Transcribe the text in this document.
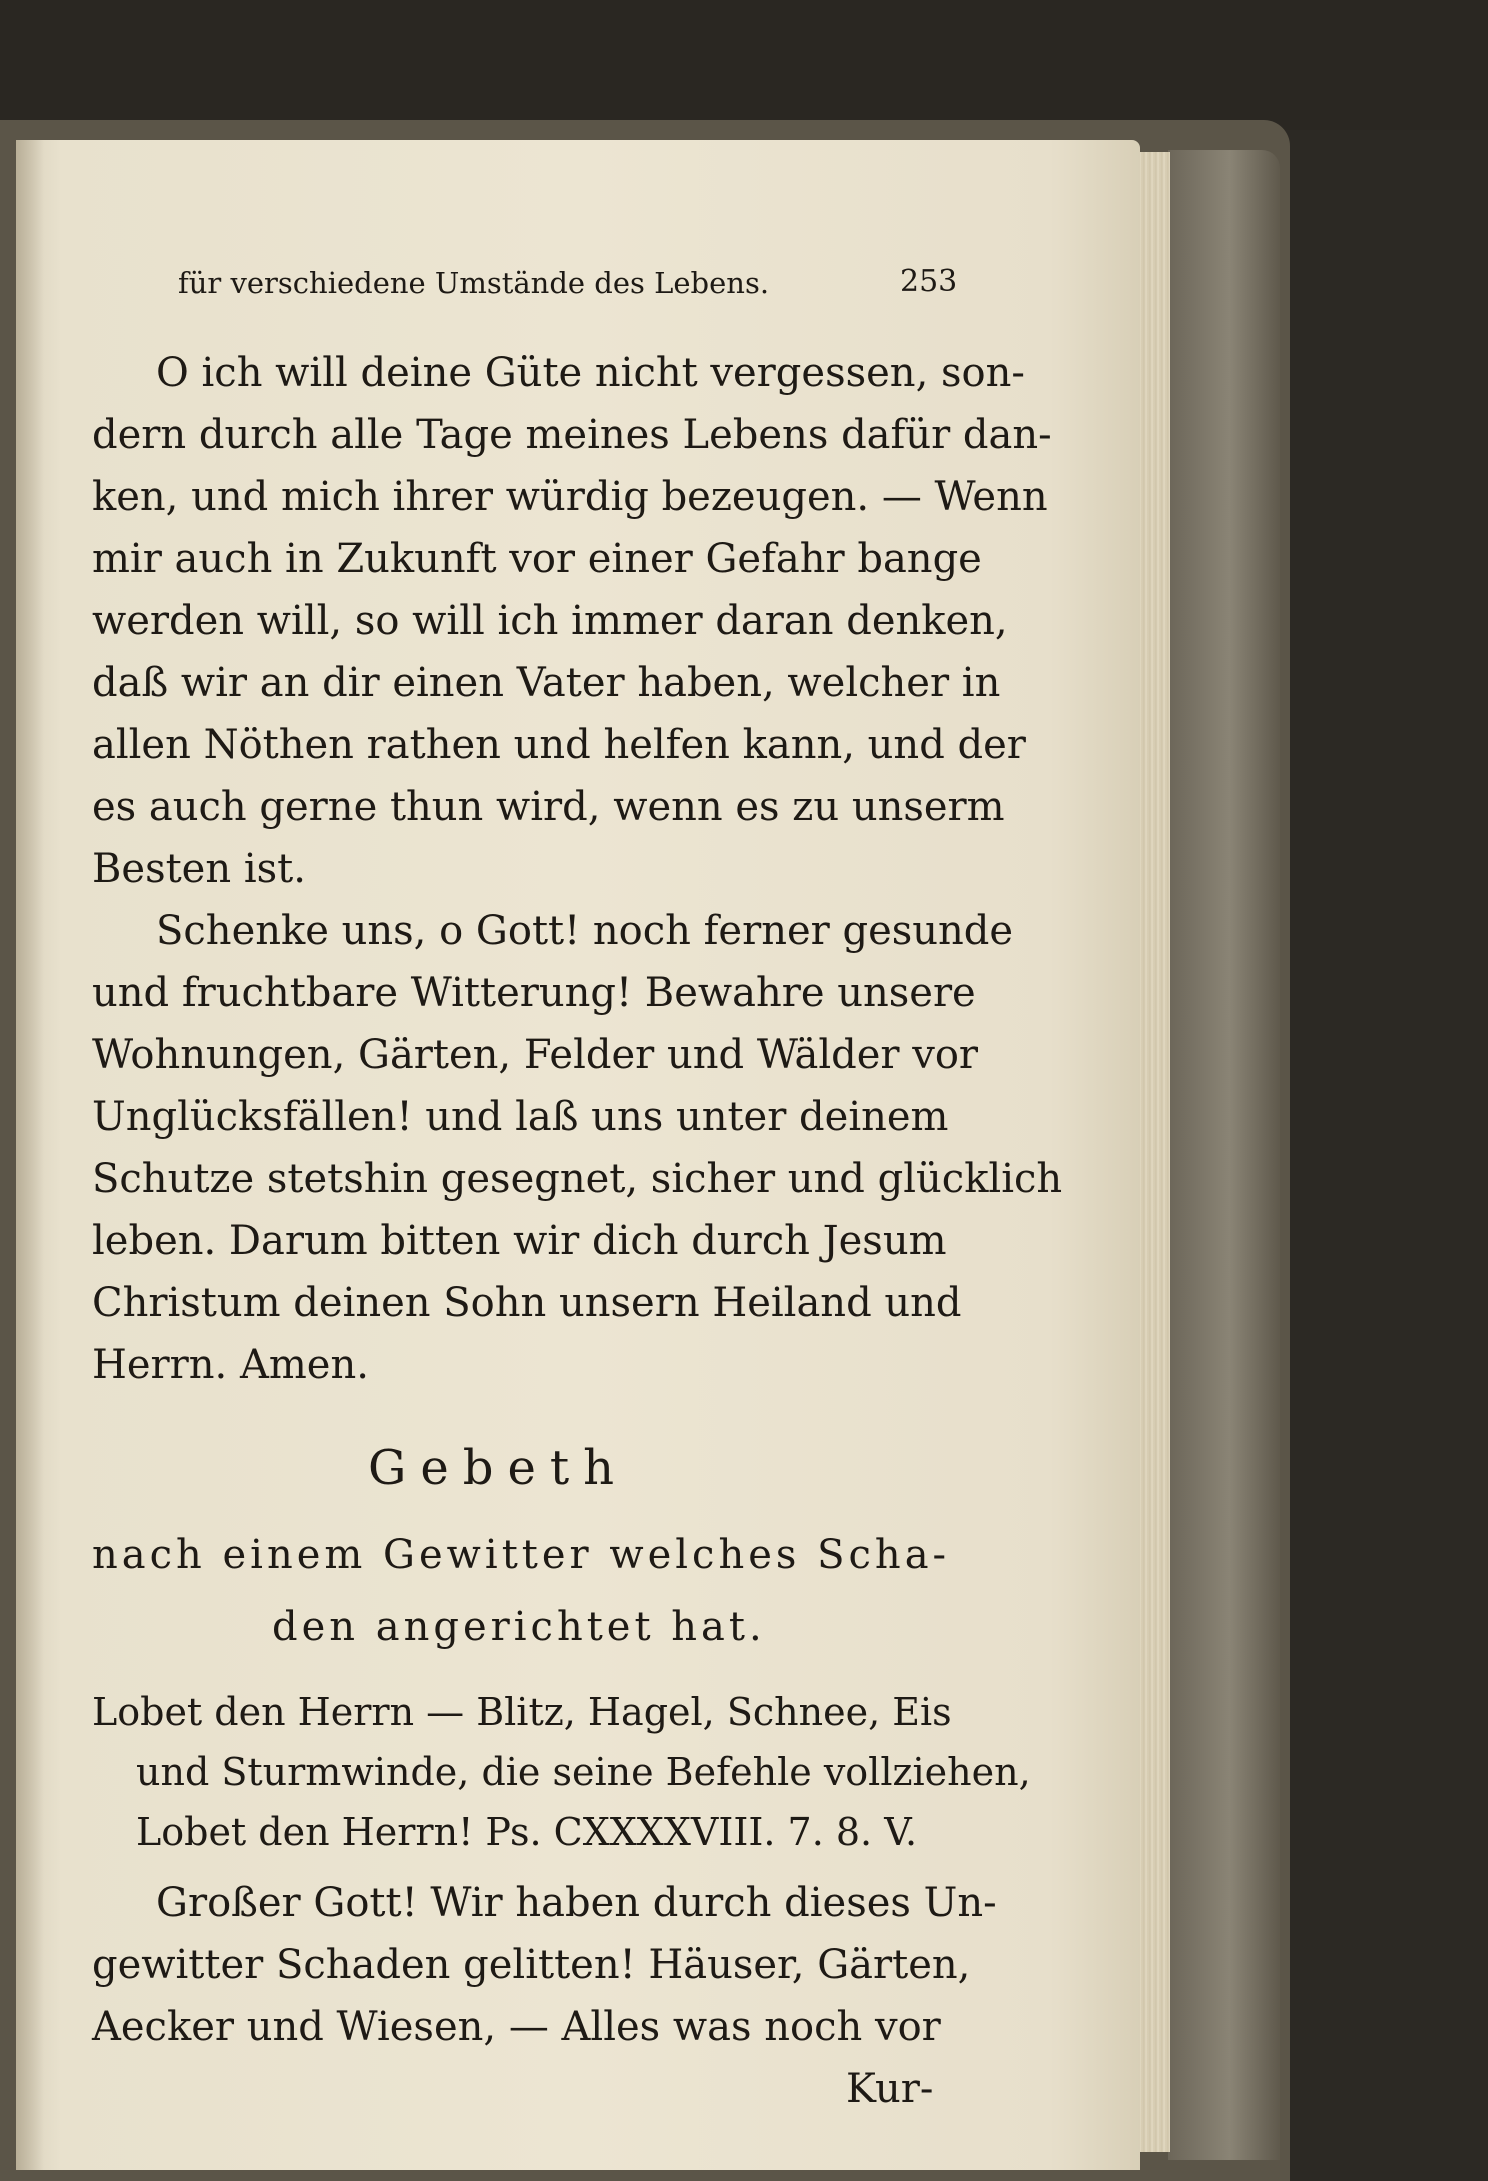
für verschiedene Umstände des Lebens.	253
O ich will deine Güte nicht vergessen, son-
dern durch alle Tage meines Lebens dafür dan-
ken, und mich ihrer würdig bezeugen. — Wenn
mir auch in Zukunft vor einer Gefahr bange
werden will, so will ich immer daran denken,
daß wir an dir einen Vater haben, welcher in
allen Nöthen rathen und helfen kann, und der
es auch gerne thun wird, wenn es zu unserm
Besten ist.
Schenke uns, o Gott! noch ferner gesunde
und fruchtbare Witterung! Bewahre unsere
Wohnungen, Gärten, Felder und Wälder vor
Unglücksfällen! und laß uns unter deinem
Schutze stetshin gesegnet, sicher und glücklich
leben. Darum bitten wir dich durch Jesum
Christum deinen Sohn unsern Heiland und
Herrn. Amen.
Gebeth
nach einem Gewitter welches Scha-
den angerichtet hat.
Lobet den Herrn — Blitz, Hagel, Schnee, Eis
und Sturmwinde, die seine Befehle vollziehen,
Lobet den Herrn! Ps. CXXXXVIII. 7. 8. V.
Großer Gott! Wir haben durch dieses Un-
gewitter Schaden gelitten! Häuser, Gärten,
Aecker und Wiesen, — Alles was noch vor
Kur-
